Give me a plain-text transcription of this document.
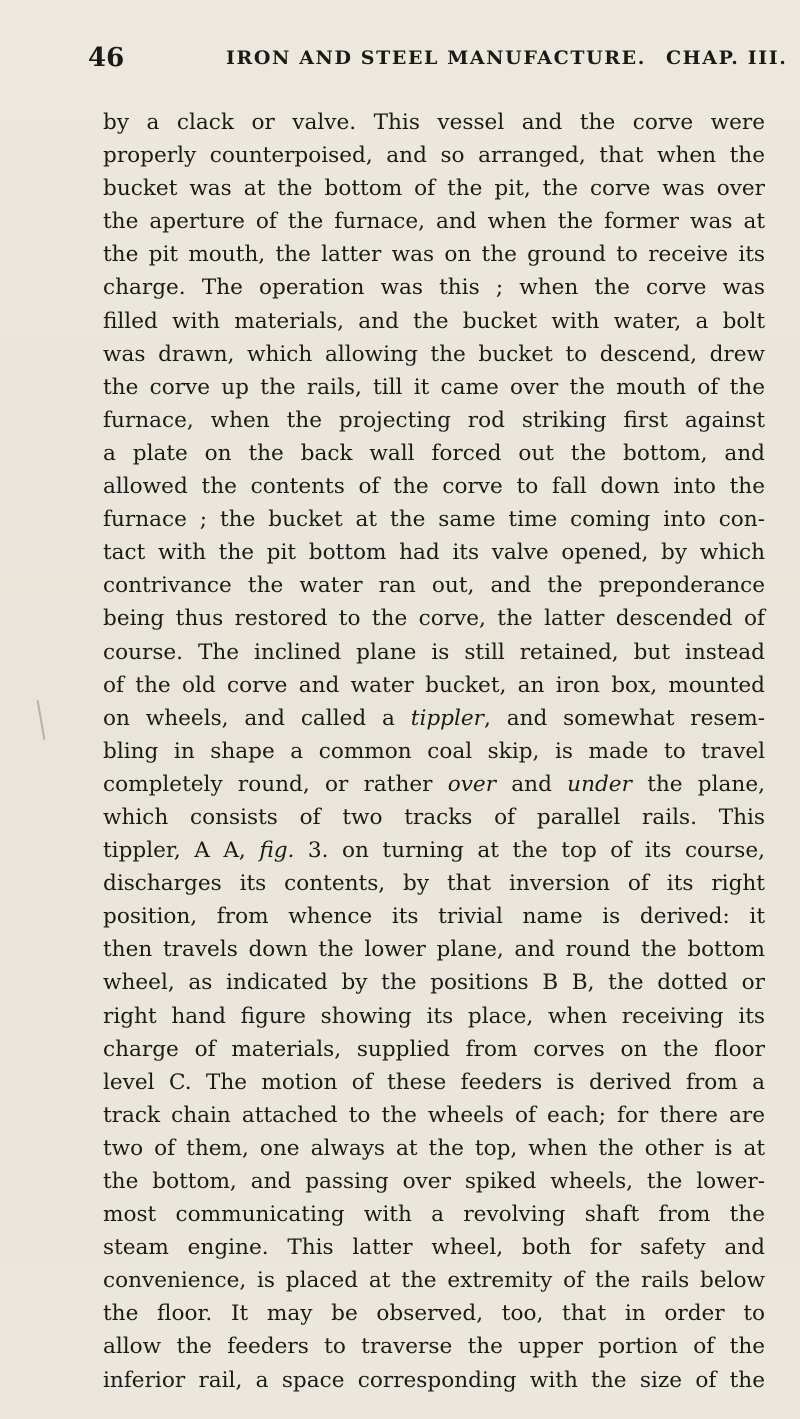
46	IRON AND STEEL MANUFACTURE. CHAP. III.
by a clack or valve. This vessel and the corve were
properly counterpoised, and so arranged, that when the
bucket was at the bottom of the pit, the corve was over
the aperture of the furnace, and when the former was at
the pit mouth, the latter was on the ground to receive its
charge. The operation was this ; when the corve was
filled with materials, and the bucket with water, a bolt
was drawn, which allowing the bucket to descend, drew
the corve up the rails, till it came over the mouth of the
furnace, when the projecting rod striking first against
a plate on the back wall forced out the bottom, and
allowed the contents of the corve to fall down into the
furnace ; the bucket at the same time coming into con-
tact with the pit bottom had its valve opened, by which
contrivance the water ran out, and the preponderance
being thus restored to the corve, the latter descended of
course. The inclined plane is still retained, but instead
of the old corve and water bucket, an iron box, mounted
on wheels, and called a tippler, and somewhat resem-
bling in shape a common coal skip, is made to travel
completely round, or rather over and under the plane,
which consists of two tracks of parallel rails. This
tippler, A A, fig. 3. on turning at the top of its course,
discharges its contents, by that inversion of its right
position, from whence its trivial name is derived: it
then travels down the lower plane, and round the bottom
wheel, as indicated by the positions B B, the dotted or
right hand figure showing its place, when receiving its
charge of materials, supplied from corves on the floor
level C. The motion of these feeders is derived from a
track chain attached to the wheels of each; for there are
two of them, one always at the top, when the other is at
the bottom, and passing over spiked wheels, the lower-
most communicating with a revolving shaft from the
steam engine. This latter wheel, both for safety and
convenience, is placed at the extremity of the rails below
the floor. It may be observed, too, that in order to
allow the feeders to traverse the upper portion of the
inferior rail, a space corresponding with the size of the
